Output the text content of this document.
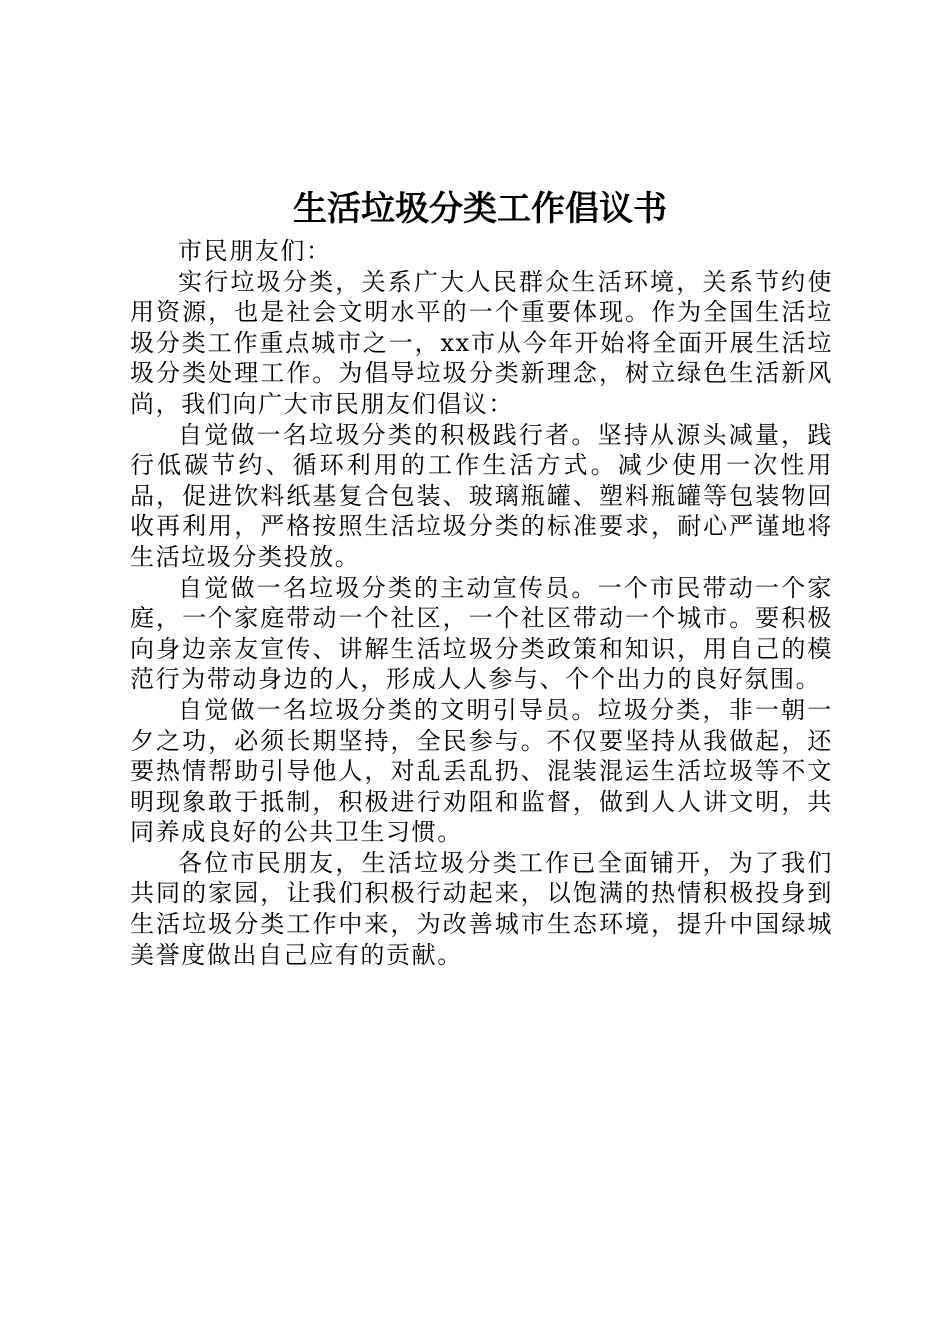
生活垃圾分类工作倡议书

市民朋友们：

实行垃圾分类，关系广大人民群众生活环境，关系节约使用资源，也是社会文明水平的一个重要体现。作为全国生活垃圾分类工作重点城市之一，xx市从今年开始将全面开展生活垃圾分类处理工作。为倡导垃圾分类新理念，树立绿色生活新风尚，我们向广大市民朋友们倡议：

自觉做一名垃圾分类的积极践行者。坚持从源头减量，践行低碳节约、循环利用的工作生活方式。减少使用一次性用品，促进饮料纸基复合包装、玻璃瓶罐、塑料瓶罐等包装物回收再利用，严格按照生活垃圾分类的标准要求，耐心严谨地将生活垃圾分类投放。

自觉做一名垃圾分类的主动宣传员。一个市民带动一个家庭，一个家庭带动一个社区，一个社区带动一个城市。要积极向身边亲友宣传、讲解生活垃圾分类政策和知识，用自己的模范行为带动身边的人，形成人人参与、个个出力的良好氛围。

自觉做一名垃圾分类的文明引导员。垃圾分类，非一朝一夕之功，必须长期坚持，全民参与。不仅要坚持从我做起，还要热情帮助引导他人，对乱丢乱扔、混装混运生活垃圾等不文明现象敢于抵制，积极进行劝阻和监督，做到人人讲文明，共同养成良好的公共卫生习惯。

各位市民朋友，生活垃圾分类工作已全面铺开，为了我们共同的家园，让我们积极行动起来，以饱满的热情积极投身到生活垃圾分类工作中来，为改善城市生态环境，提升中国绿城美誉度做出自己应有的贡献。
